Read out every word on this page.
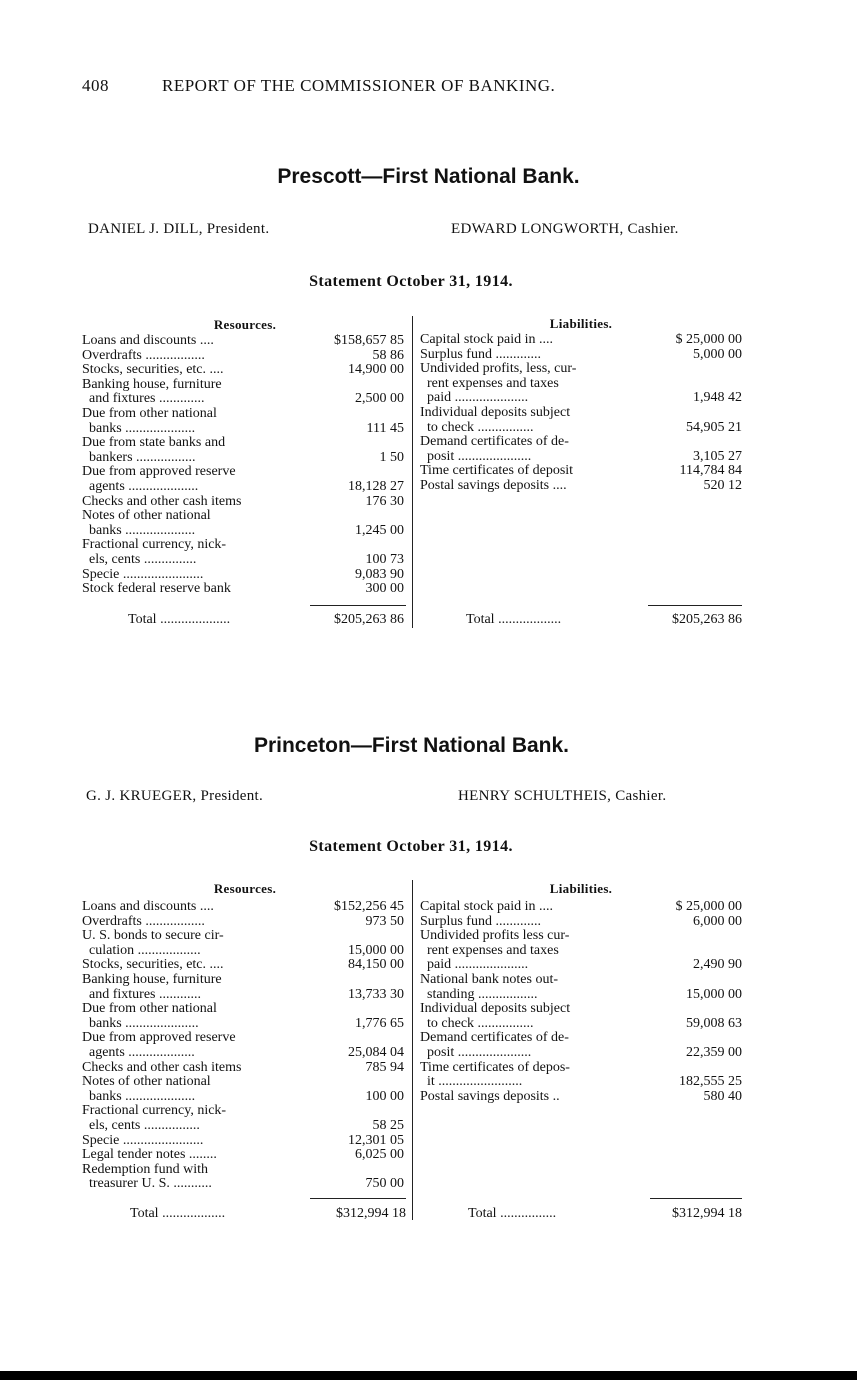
408	REPORT OF THE COMMISSIONER OF BANKING.
Prescott—First National Bank.
DANIEL J. DILL, President.	EDWARD LONGWORTH, Cashier.
Statement October 31, 1914.
Resources.	Liabilities.
Loans and discounts ....	$158,657 85
Overdrafts .................	58 86
Stocks, securities, etc. ....	14,900 00
Banking house, furniture
and fixtures .............	2,500 00
Due from other national
banks ....................	111 45
Due from state banks and
bankers .................	1 50
Due from approved reserve
agents ....................	18,128 27
Checks and other cash items	176 30
Notes of other national
banks ....................	1,245 00
Fractional currency, nick-
els, cents ...............	100 73
Specie .......................	9,083 90
Stock federal reserve bank	300 00
Capital stock paid in ....	$ 25,000 00
Surplus fund .............	5,000 00
Undivided profits, less, cur-
rent expenses and taxes
paid .....................	1,948 42
Individual deposits subject
to check ................	54,905 21
Demand certificates of de-
posit .....................	3,105 27
Time certificates of deposit	114,784 84
Postal savings deposits ....	520 12
Total ....................	$205,263 86	Total ..................	$205,263 86
Princeton—First National Bank.
G. J. KRUEGER, President.	HENRY SCHULTHEIS, Cashier.
Statement October 31, 1914.
Resources.	Liabilities.
Loans and discounts ....	$152,256 45
Overdrafts .................	973 50
U. S. bonds to secure cir-
culation ..................	15,000 00
Stocks, securities, etc. ....	84,150 00
Banking house, furniture
and fixtures ............	13,733 30
Due from other national
banks .....................	1,776 65
Due from approved reserve
agents ...................	25,084 04
Checks and other cash items	785 94
Notes of other national
banks ....................	100 00
Fractional currency, nick-
els, cents ................	58 25
Specie .......................	12,301 05
Legal tender notes ........	6,025 00
Redemption fund with
treasurer U. S. ...........	750 00
Capital stock paid in ....	$ 25,000 00
Surplus fund .............	6,000 00
Undivided profits less cur-
rent expenses and taxes
paid .....................	2,490 90
National bank notes out-
standing .................	15,000 00
Individual deposits subject
to check ................	59,008 63
Demand certificates of de-
posit .....................	22,359 00
Time certificates of depos-
it ........................	182,555 25
Postal savings deposits ..	580 40
Total ..................	$312,994 18	Total ................	$312,994 18
